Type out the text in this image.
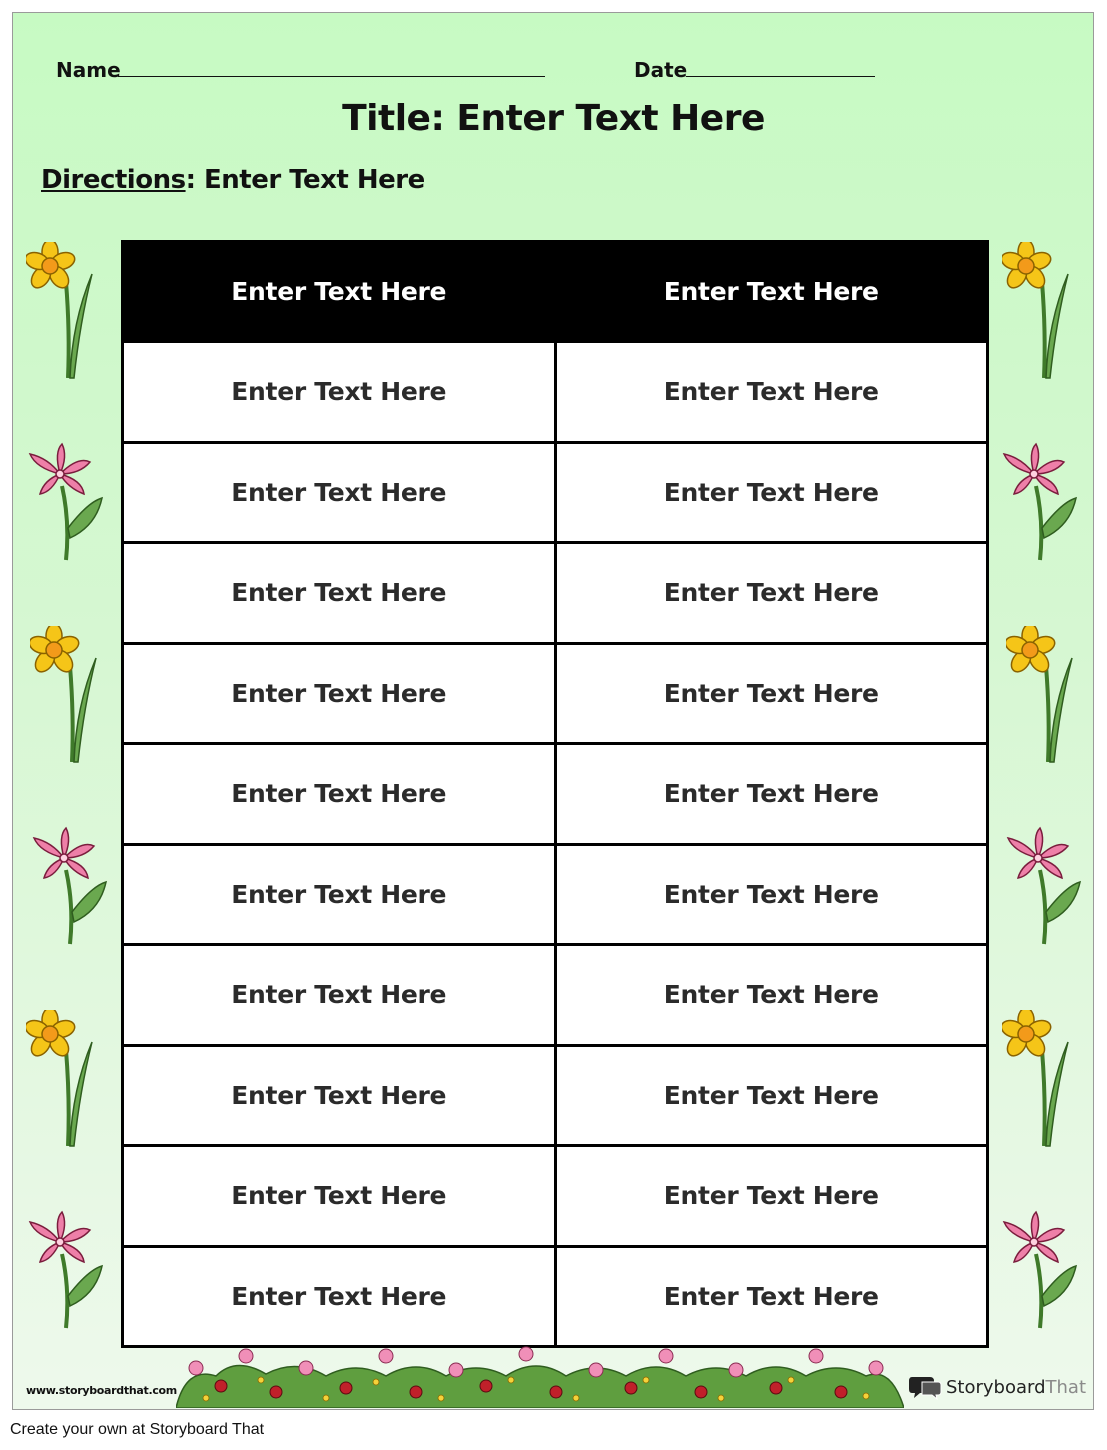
Name	Date
Title: Enter Text Here
Directions: Enter Text Here
Enter Text Here	Enter Text Here
Enter Text Here	Enter Text Here
Enter Text Here	Enter Text Here
Enter Text Here	Enter Text Here
Enter Text Here	Enter Text Here
Enter Text Here	Enter Text Here
Enter Text Here	Enter Text Here
Enter Text Here	Enter Text Here
Enter Text Here	Enter Text Here
Enter Text Here	Enter Text Here
Enter Text Here	Enter Text Here
www.storyboardthat.com	StoryboardThat
Create your own at Storyboard That
